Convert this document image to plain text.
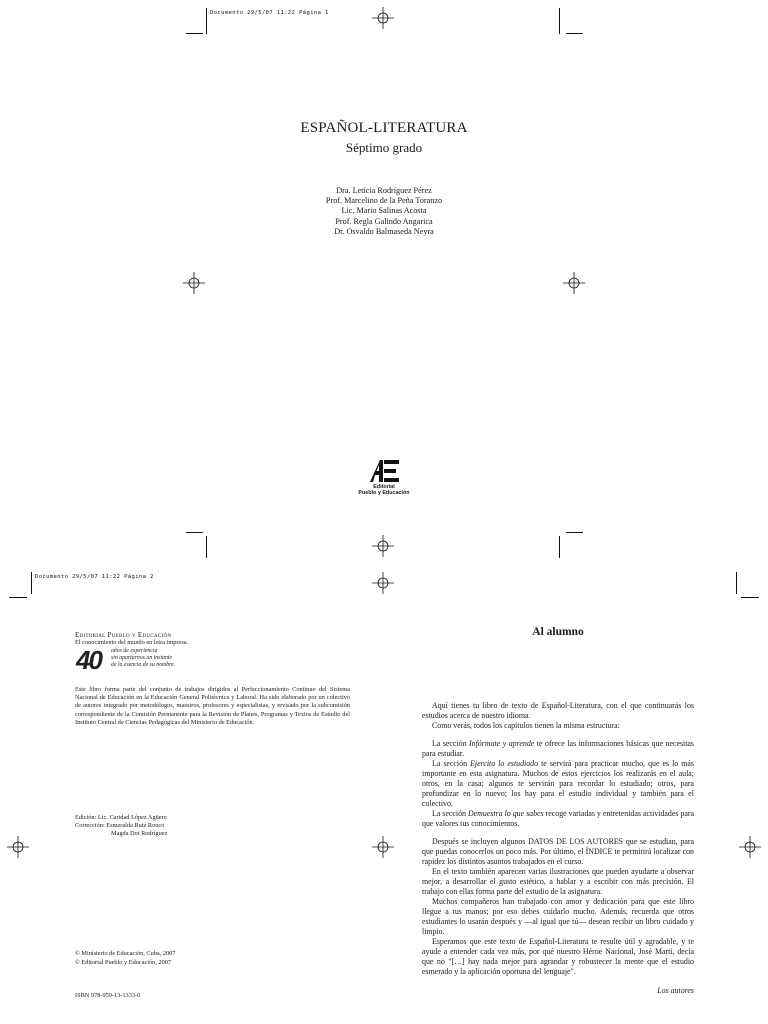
Documento 29/5/07 11:22 Página 1
ESPAÑOL-LITERATURA
Séptimo grado
Dra. Leticia Rodríguez Pérez
Prof. Marcelino de la Peña Toranzo
Lic. Mario Salinas Acosta
Prof. Regla Galindo Angarica
Dr. Osvaldo Balmaseda Neyra
Editorial
Pueblo y Educación
Documento 29/5/07 11:22 Página 2
Editorial Pueblo y Educación
El conocimiento del mundo en letra impresa.
40 años de experiencia
sin apartarnos un instante
de la esencia de su nombre.
Este libro forma parte del conjunto de trabajos dirigidos al Perfeccionamiento Continuo del Sistema Nacional de Educación en la Educación General Politécnica y Laboral. Ha sido elaborado por un colectivo de autores integrado por metodólogos, maestros, profesores y especialistas, y revisado por la subcomisión correspondiente de la Comisión Permanente para la Revisión de Planes, Programas y Textos de Estudio del Instituto Central de Ciencias Pedagógicas del Ministerio de Educación.
Edición: Lic. Caridad López Agüero
Corrección: Esmeralda Ruiz Rouco
Magda Dot Rodríguez
© Ministerio de Educación, Cuba, 2007
© Editorial Pueblo y Educación, 2007
ISBN 978-959-13-1333-0
Al alumno

Aquí tienes tu libro de texto de Español-Literatura, con el que continuarás los estudios acerca de nuestro idioma.

Como verás, todos los capítulos tienen la misma estructura:

La sección Infórmate y aprende te ofrece las informaciones básicas que necesitas para estudiar.

La sección Ejercita lo estudiado te servirá para practicar mucho, que es lo más importante en esta asignatura. Muchos de estos ejercicios los realizarás en el aula; otros, en la casa; algunos te servirán para recordar lo estudiado; otros, para profundizar en lo nuevo; los hay para el estudio individual y también para el colectivo.

La sección Demuestra lo que sabes recoge variadas y entretenidas actividades para que valores tus conocimientos.

Después se incluyen algunos DATOS DE LOS AUTORES que se estudian, para que puedas conocerlos un poco más. Por último, el ÍNDICE te permitirá localizar con rapidez los distintos asuntos trabajados en el curso.

En el texto también aparecen varias ilustraciones que pueden ayudarte a observar mejor, a desarrollar el gusto estético, a hablar y a escribir con más precisión. El trabajo con ellas forma parte del estudio de la asignatura.

Muchos compañeros han trabajado con amor y dedicación para que este libro llegue a tus manos; por eso debes cuidarlo mucho. Además, recuerda que otros estudiantes lo usarán después y —al igual que tú— desean recibir un libro cuidado y limpio.

Esperamos que este texto de Español-Literatura te resulte útil y agradable, y te ayude a entender cada vez más, por qué nuestro Héroe Nacional, José Martí, decía que no "[…] hay nada mejor para agrandar y robustecer la mente que el estudio esmerado y la aplicación oportuna del lenguaje".

Los autores
